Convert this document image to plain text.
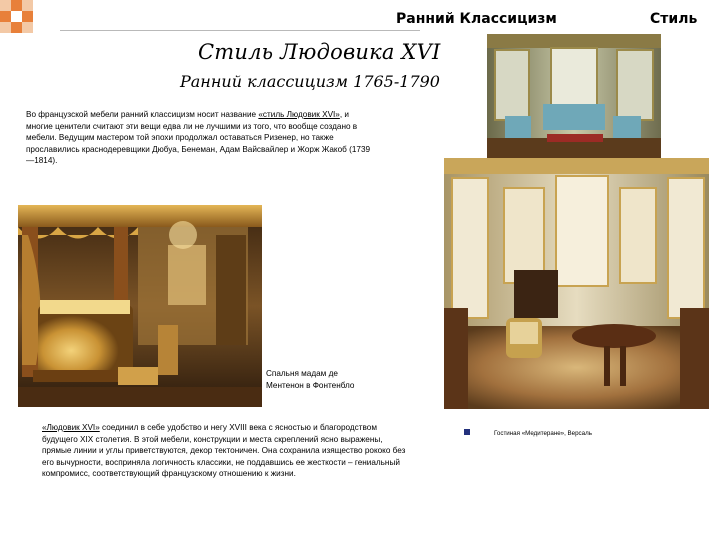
Ранний Классицизм	Стиль
Стиль Людовика XVI
Ранний классицизм 1765-1790
Во французской мебели ранний классицизм носит название «стиль Людовик XVI», и многие ценители считают эти вещи едва ли не лучшими из того, что вообще создано в мебели. Ведущим мастером той эпохи продолжал оставаться Ризенер, но также прославились краснодеревщики Дюбуа, Бенеман, Адам Вайсвайлер и Жорж Жакоб (1739—1814).
Спальня мадам де Ментенон в Фонтенбло
«Людовик XVI» соединил в себе удобство и негу XVIII века с ясностью и благородством будущего XIX столетия. В этой мебели, конструкции и места скреплений ясно выражены, прямые линии и углы приветствуются, декор тектоничен. Она сохранила изящество рококо без его вычурности, восприняла логичность классики, не поддавшись ее жесткости – гениальный компромисс, соответствующий французскому отношению к жизни.
Гостиная «Медитеране», Версаль
